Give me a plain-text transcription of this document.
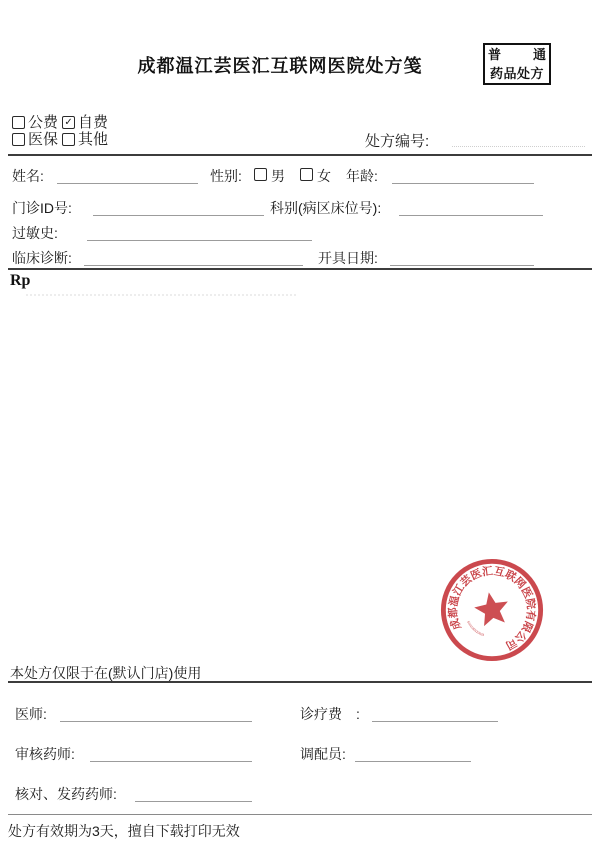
成都温江芸医汇互联网医院处方笺
普 通
药品处方
公费 ✓ 自费
医保 其他	处方编号:
姓名:	性别: 男 女 年龄:
门诊ID号:	科别(病区床位号):
过敏史:
临床诊断:	开具日期:
Rp
成都温江芸医汇互联网医院有限公司
5101180120623
本处方仅限于在(默认门店)使用
医师:	诊疗费　:
审核药师:	调配员:
核对、发药药师:
处方有效期为3天，擅自下载打印无效
